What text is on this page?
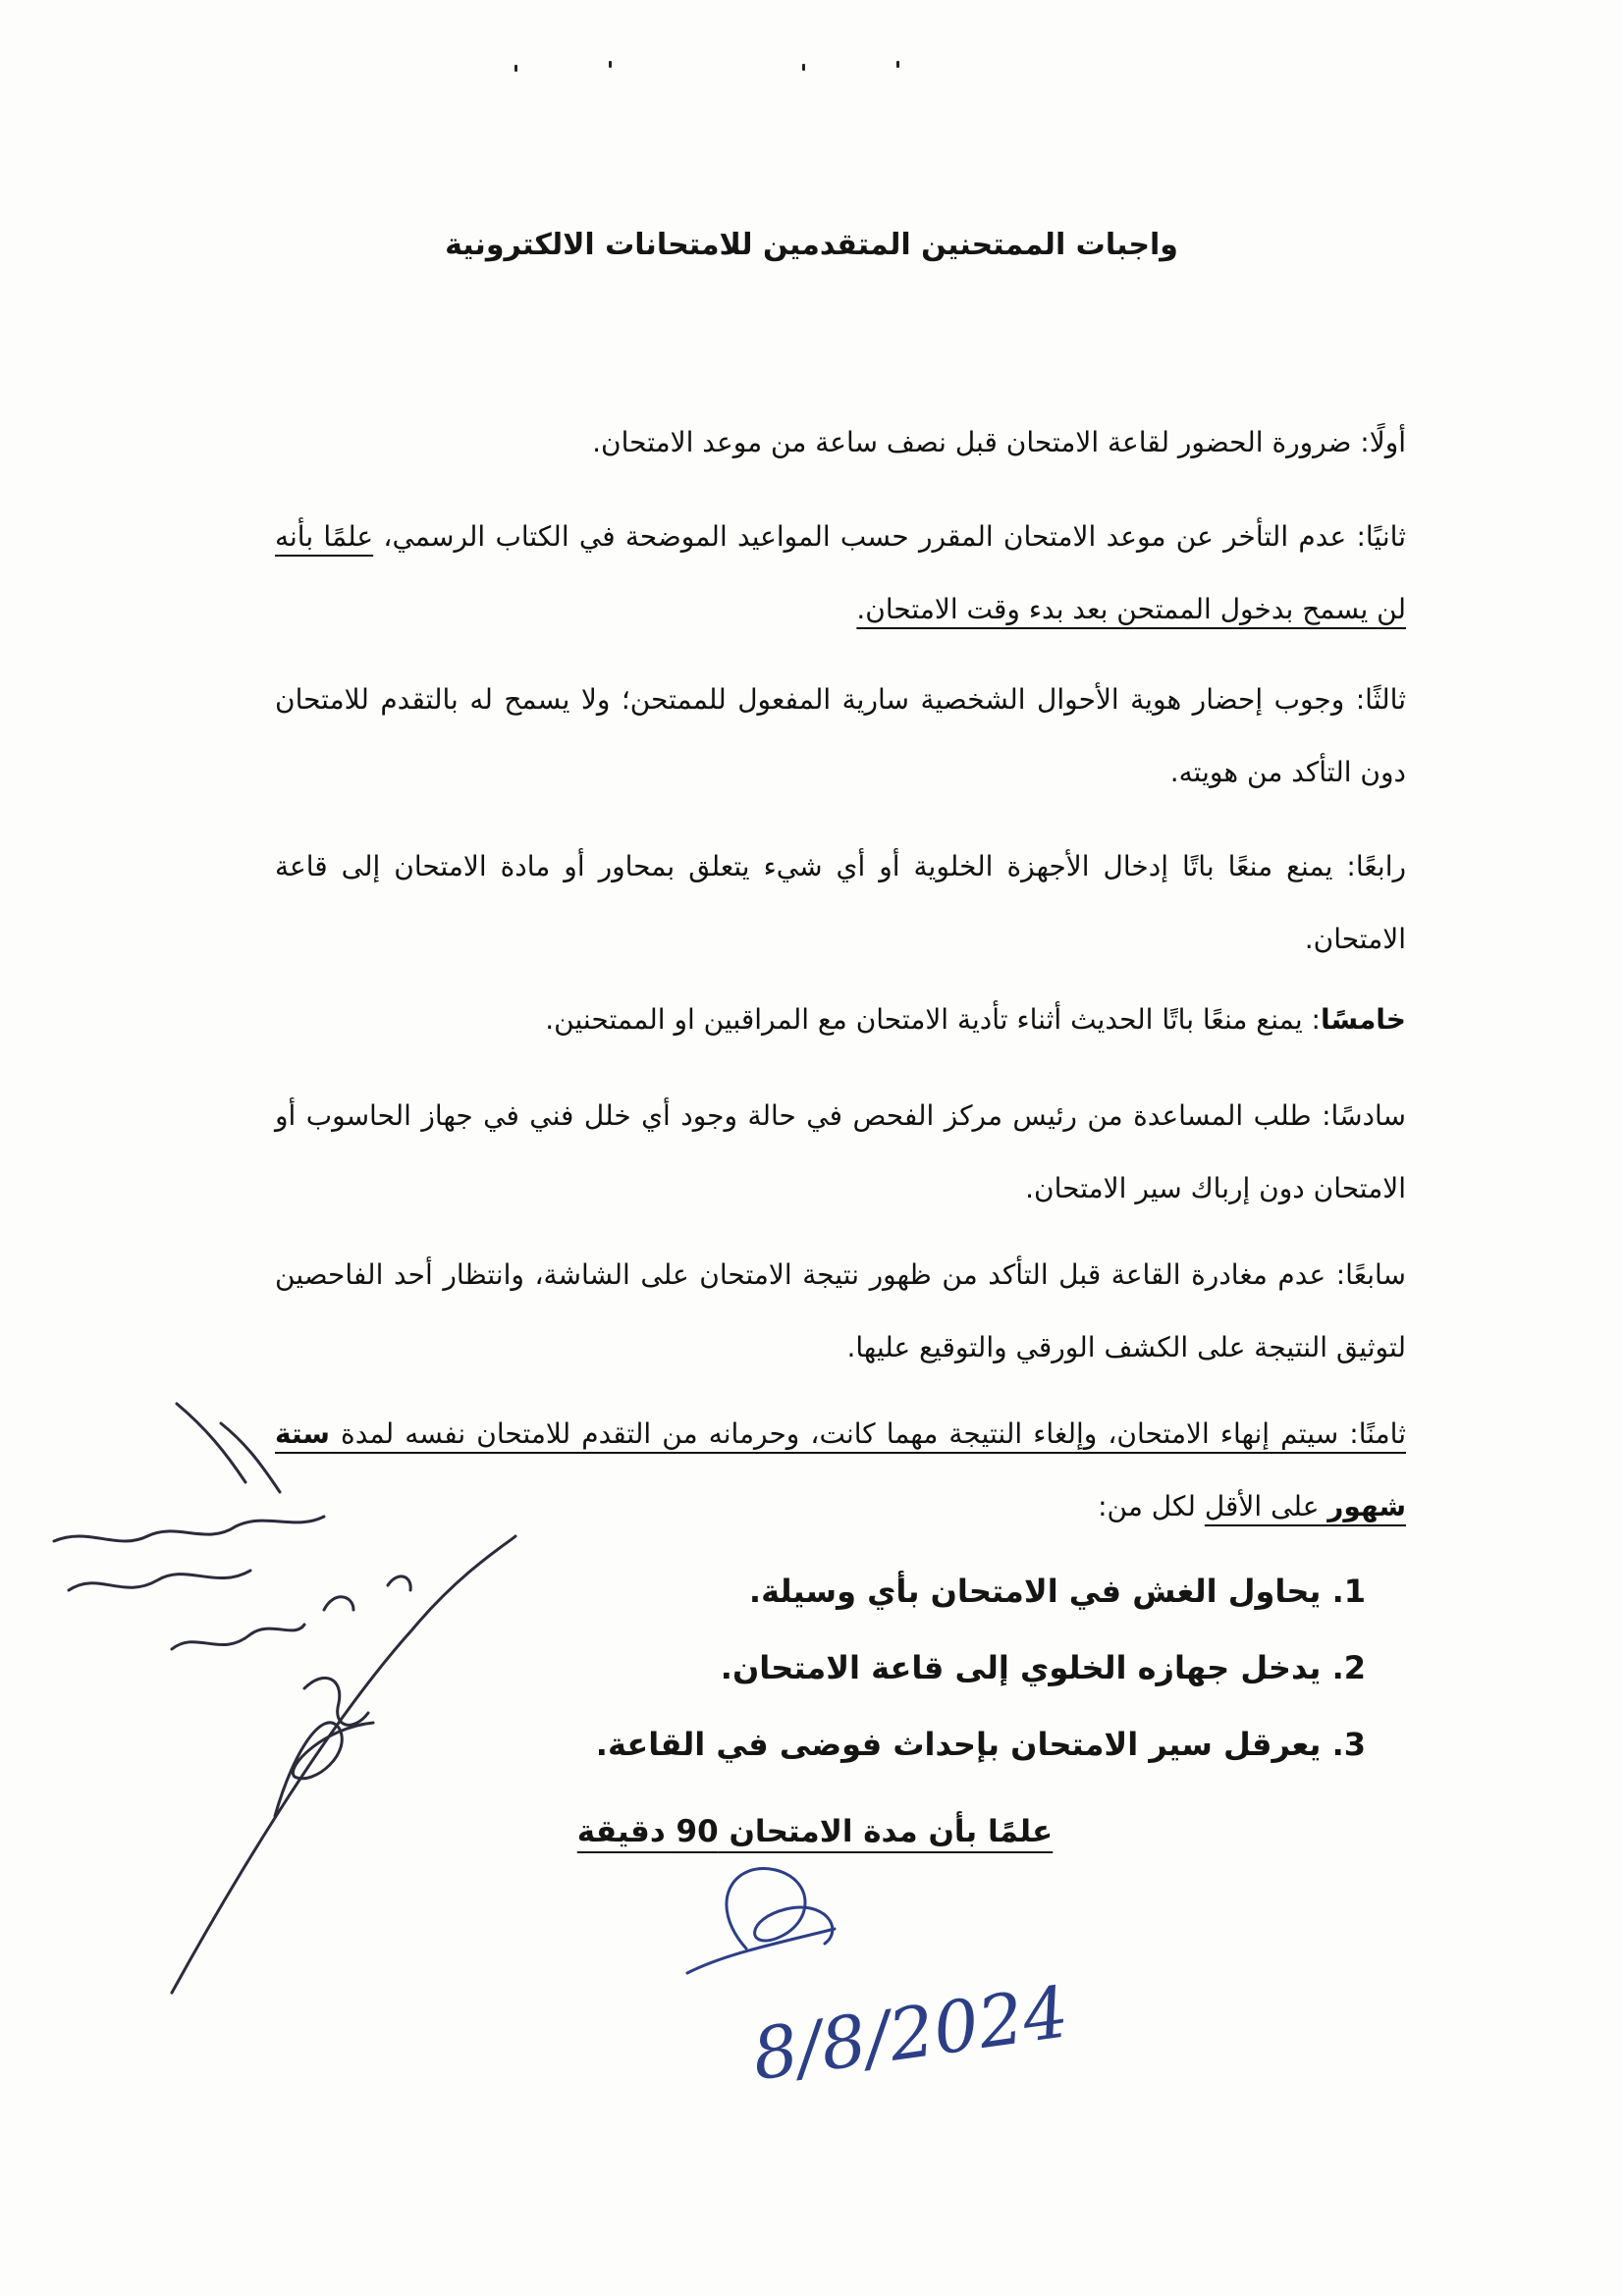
واجبات الممتحنين المتقدمين للامتحانات الالكترونية
أولًا: ضرورة الحضور لقاعة الامتحان قبل نصف ساعة من موعد الامتحان.
ثانيًا: عدم التأخر عن موعد الامتحان المقرر حسب المواعيد الموضحة في الكتاب الرسمي، علمًا بأنه لن يسمح بدخول الممتحن بعد بدء وقت الامتحان.
ثالثًا: وجوب إحضار هوية الأحوال الشخصية سارية المفعول للممتحن؛ ولا يسمح له بالتقدم للامتحان دون التأكد من هويته.
رابعًا: يمنع منعًا باتًا إدخال الأجهزة الخلوية أو أي شيء يتعلق بمحاور أو مادة الامتحان إلى قاعة الامتحان.
خامسًا: يمنع منعًا باتًا الحديث أثناء تأدية الامتحان مع المراقبين او الممتحنين.
سادسًا: طلب المساعدة من رئيس مركز الفحص في حالة وجود أي خلل فني في جهاز الحاسوب أو الامتحان دون إرباك سير الامتحان.
سابعًا: عدم مغادرة القاعة قبل التأكد من ظهور نتيجة الامتحان على الشاشة، وانتظار أحد الفاحصين لتوثيق النتيجة على الكشف الورقي والتوقيع عليها.
ثامنًا: سيتم إنهاء الامتحان، وإلغاء النتيجة مهما كانت، وحرمانه من التقدم للامتحان نفسه لمدة ستة شهور على الأقل لكل من:
1. يحاول الغش في الامتحان بأي وسيلة.
2. يدخل جهازه الخلوي إلى قاعة الامتحان.
3. يعرقل سير الامتحان بإحداث فوضى في القاعة.
علمًا بأن مدة الامتحان 90 دقيقة
8/8/2024
